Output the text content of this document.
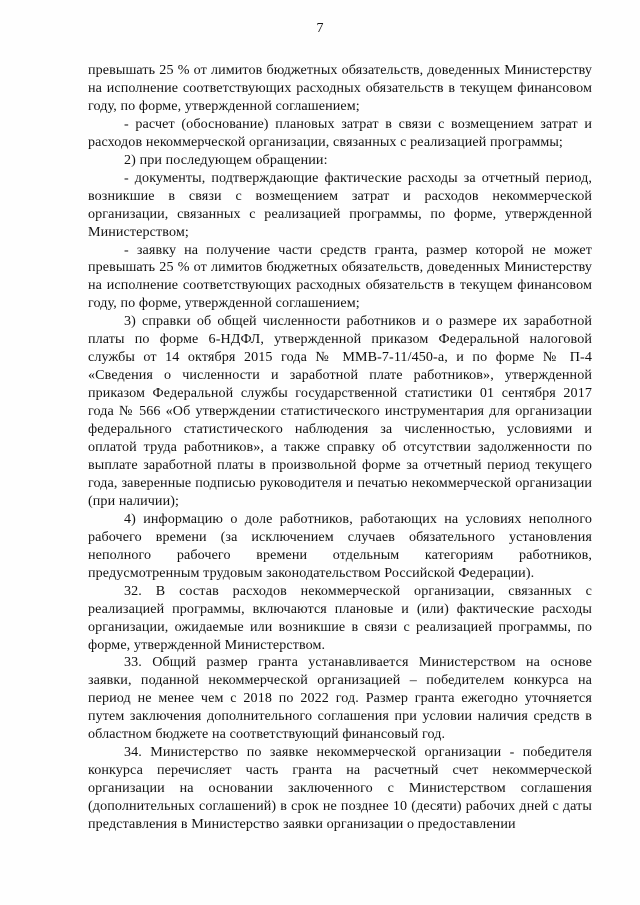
7

превышать 25 % от лимитов бюджетных обязательств, доведенных Министерству на исполнение соответствующих расходных обязательств в текущем финансовом году, по форме, утвержденной соглашением;

- расчет (обоснование) плановых затрат в связи с возмещением затрат и расходов некоммерческой организации, связанных с реализацией программы;

2) при последующем обращении:

- документы, подтверждающие фактические расходы за отчетный период, возникшие в связи с возмещением затрат и расходов некоммерческой организации, связанных с реализацией программы, по форме, утвержденной Министерством;

- заявку на получение части средств гранта, размер которой не может превышать 25 % от лимитов бюджетных обязательств, доведенных Министерству на исполнение соответствующих расходных обязательств в текущем финансовом году, по форме, утвержденной соглашением;

3) справки об общей численности работников и о размере их заработной платы по форме 6-НДФЛ, утвержденной приказом Федеральной налоговой службы от 14 октября 2015 года № ММВ-7-11/450-а, и по форме № П-4 «Сведения о численности и заработной плате работников», утвержденной приказом Федеральной службы государственной статистики 01 сентября 2017 года № 566 «Об утверждении статистического инструментария для организации федерального статистического наблюдения за численностью, условиями и оплатой труда работников», а также справку об отсутствии задолженности по выплате заработной платы в произвольной форме за отчетный период текущего года, заверенные подписью руководителя и печатью некоммерческой организации (при наличии);

4) информацию о доле работников, работающих на условиях неполного рабочего времени (за исключением случаев обязательного установления неполного рабочего времени отдельным категориям работников, предусмотренным трудовым законодательством Российской Федерации).

32. В состав расходов некоммерческой организации, связанных с реализацией программы, включаются плановые и (или) фактические расходы организации, ожидаемые или возникшие в связи с реализацией программы, по форме, утвержденной Министерством.

33. Общий размер гранта устанавливается Министерством на основе заявки, поданной некоммерческой организацией – победителем конкурса на период не менее чем с 2018 по 2022 год. Размер гранта ежегодно уточняется путем заключения дополнительного соглашения при условии наличия средств в областном бюджете на соответствующий финансовый год.

34. Министерство по заявке некоммерческой организации - победителя конкурса перечисляет часть гранта на расчетный счет некоммерческой организации на основании заключенного с Министерством соглашения (дополнительных соглашений) в срок не позднее 10 (десяти) рабочих дней с даты представления в Министерство заявки организации о предоставлении
